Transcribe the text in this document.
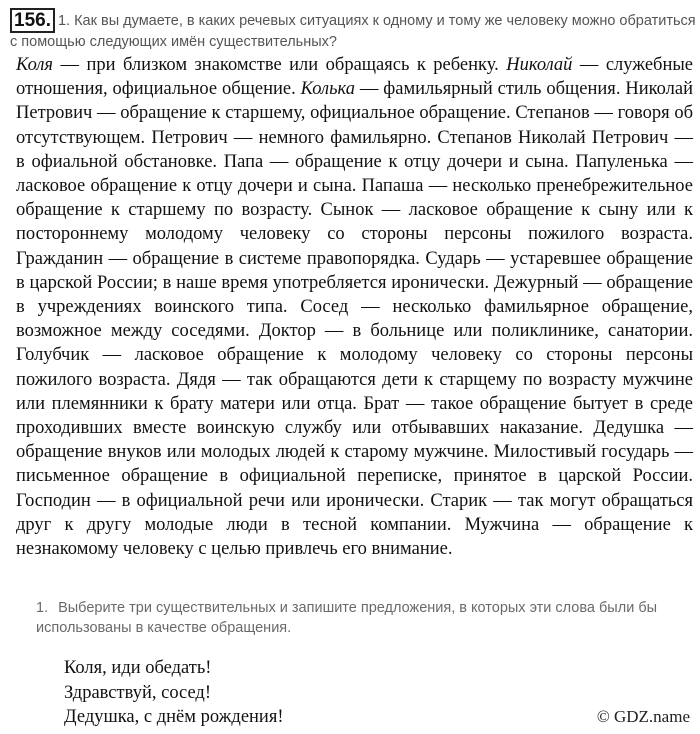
156. 1. Как вы думаете, в каких речевых ситуациях к одному и тому же человеку можно обратиться с помощью следующих имён существительных?

Коля — при близком знакомстве или обращаясь к ребенку. Николай — служебные отношения, официальное общение. Колька — фамильярный стиль общения. Николай Петрович — обращение к старшему, официальное обращение. Степанов — говоря об отсутствующем. Петрович — немного фамильярно. Степанов Николай Петрович — в офиальной обстановке. Папа — обращение к отцу дочери и сына. Папуленька — ласковое обращение к отцу дочери и сына. Папаша — несколько пренебрежительное обращение к старшему по возрасту. Сынок — ласковое обращение к сыну или к постороннему молодому человеку со стороны персоны пожилого возраста. Гражданин — обращение в системе правопорядка. Сударь — устаревшее обращение в царской России; в наше время употребляется иронически. Дежурный — обращение в учреждениях воинского типа. Сосед — несколько фамильярное обращение, возможное между соседями. Доктор — в больнице или поликлинике, санатории. Голубчик — ласковое обращение к молодому человеку со стороны персоны пожилого возраста. Дядя — так обращаются дети к старщему по возрасту мужчине или племянники к брату матери или отца. Брат — такое обращение бытует в среде проходивших вместе воинскую службу или отбывавших наказание. Дедушка — обращение внуков или молодых людей к старому мужчине. Милостивый государь — письменное обращение в официальной переписке, принятое в царской России. Господин — в официальной речи или иронически. Старик — так могут обращаться друг к другу молодые люди в тесной компании. Мужчина — обращение к незнакомому человеку с целью привлечь его внимание.

1. Выберите три существительных и запишите предложения, в которых эти слова были бы использованы в качестве обращения.
Коля, иди обедать!
Здравствуй, сосед!
Дедушка, с днём рождения!	© GDZ.name
